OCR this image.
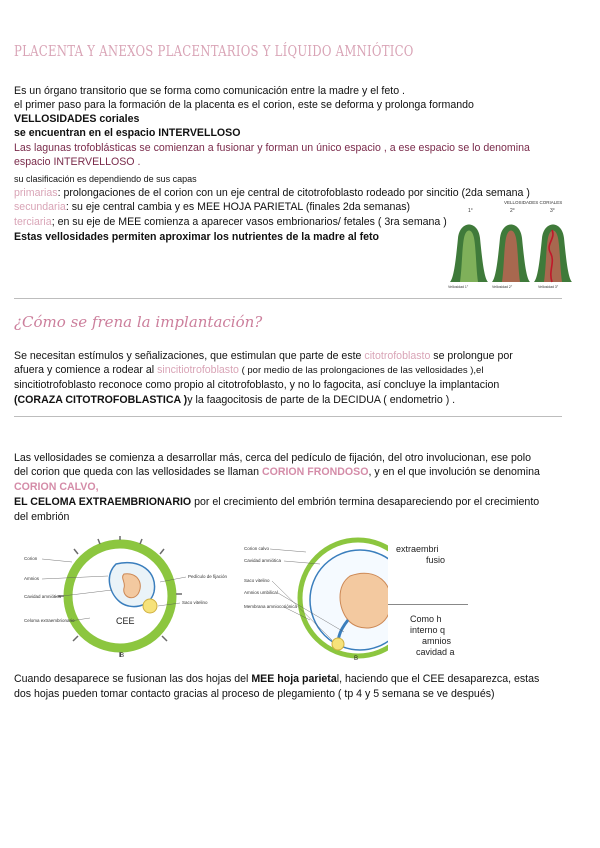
PLACENTA Y ANEXOS PLACENTARIOS Y LÍQUIDO AMNIÓTICO
Es un órgano transitorio que se forma como comunicación entre la madre y el feto .
el primer paso para la formación de la placenta es el corion, este se deforma y prolonga formando
VELLOSIDADES coriales
se encuentran en el espacio INTERVELLOSO
Las lagunas trofoblásticas se comienzan a fusionar y forman un único espacio , a ese espacio se lo denomina
espacio INTERVELLOSO .
su clasificación es dependiendo de sus capas
primarias: prolongaciones de el corion con un eje central de citotrofoblasto rodeado por sincitio (2da semana )
secundaria: su eje central cambia y es MEE HOJA PARIETAL (finales 2da semanas)
terciaria; en su eje de MEE comienza a aparecer vasos embrionarios/ fetales ( 3ra semana )
Estas vellosidades permiten aproximar los nutrientes de la madre al feto
VELLOSIDADES CORIALES
1°	2°	3°
Vellosidad 1°	Vellosidad 2°	Vellosidad 3°
¿Cómo se frena la implantación?
Se necesitan estímulos y señalizaciones, que estimulan que parte de este citotrofoblasto se prolongue por
afuera y comience a rodear al sincitiotrofoblasto ( por medio de las prolongaciones de las vellosidades ),el
sincitiotrofoblasto reconoce como propio al citotrofoblasto, y no lo fagocita, así concluye la implantacion
(CORAZA CITOTROFOBLASTICA )y la faagocitosis de parte de la DECIDUA ( endometrio ) .
Las vellosidades se comienza a desarrollar más, cerca del pedículo de fijación, del otro involucionan, ese polo
del corion que queda con las vellosidades se llaman CORION FRONDOSO, y en el que involución se denomina
CORION CALVO,
EL CELOMA EXTRAEMBRIONARIO por el crecimiento del embrión termina desapareciendo por el crecimiento
del embrión
CEE
B
Corion
Amnios
Cavidad amniótica
Celoma extraembrionario
Pedículo de fijación
Saco vitelino
Corion calvo
Cavidad amniótica
Saco vitelino
Amnios umbilical
Membrana amniocoriónica
B
extraembri
fusio
Como h
interno q
amnios
cavidad a
Cuando desaparece se fusionan las dos hojas del MEE hoja parietal, haciendo que el CEE desaparezca, estas
dos hojas pueden tomar contacto gracias al proceso de plegamiento ( tp 4 y 5 semana se ve después)
